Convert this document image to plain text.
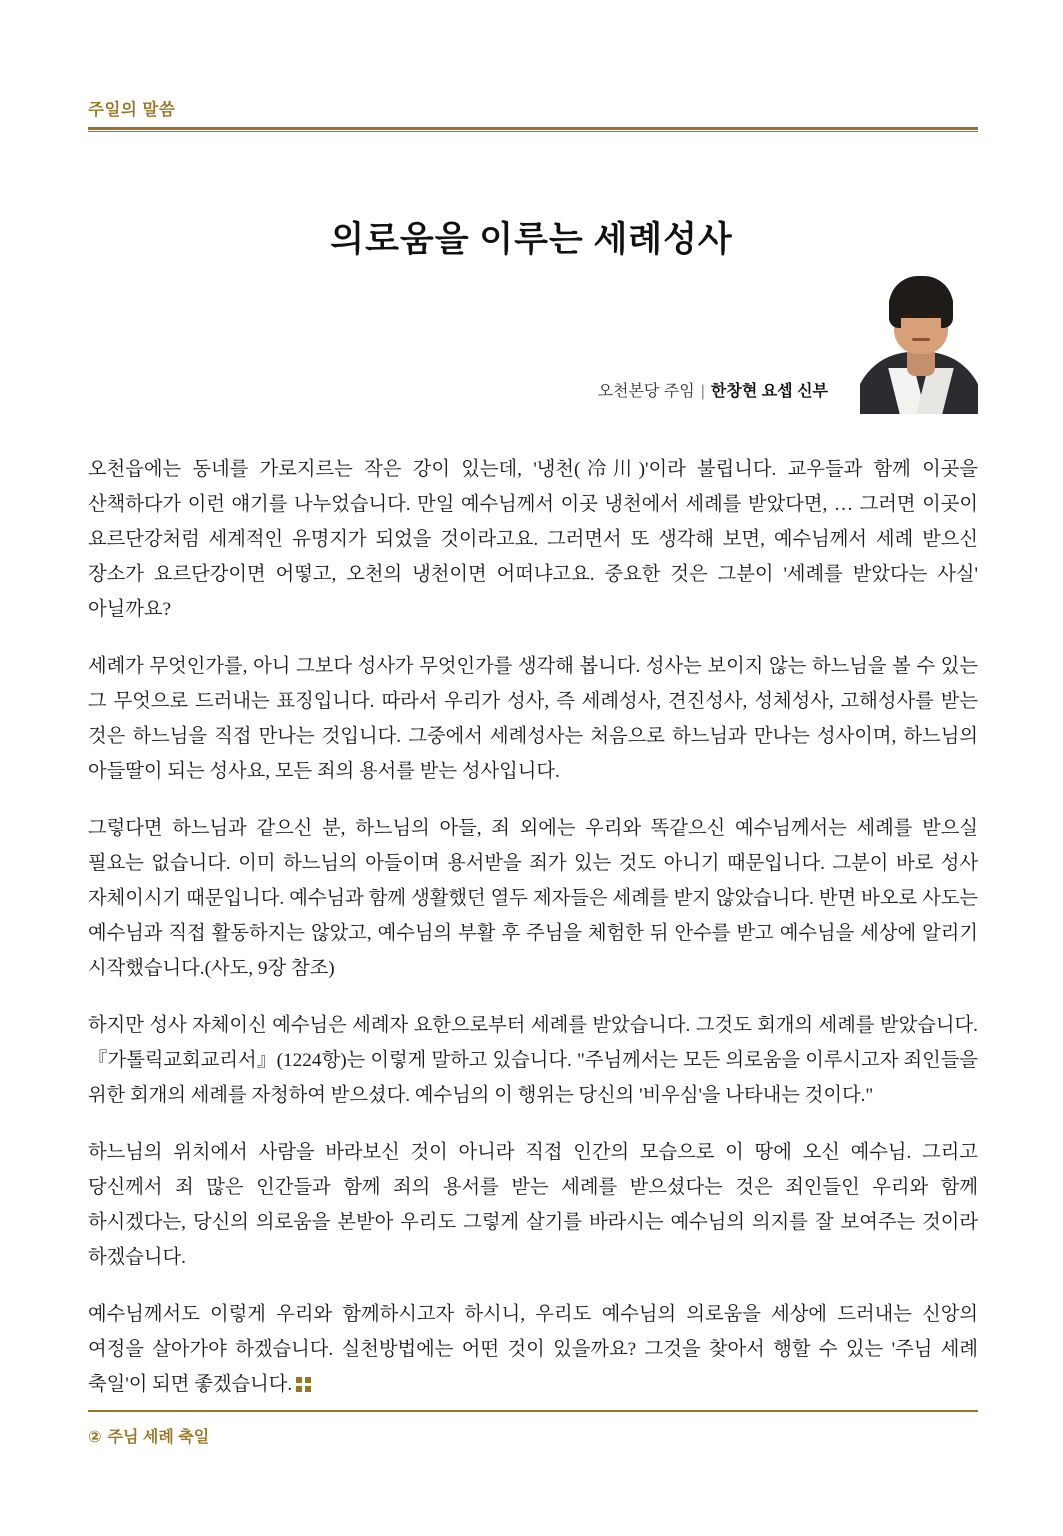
주일의 말씀
의로움을 이루는 세례성사
오천본당 주임 | 한창현 요셉 신부

오천읍에는 동네를 가로지르는 작은 강이 있는데, '냉천(冷川)'이라 불립니다. 교우들과 함께 이곳을 산책하다가 이런 얘기를 나누었습니다. 만일 예수님께서 이곳 냉천에서 세례를 받았다면, … 그러면 이곳이 요르단강처럼 세계적인 유명지가 되었을 것이라고요. 그러면서 또 생각해 보면, 예수님께서 세례 받으신 장소가 요르단강이면 어떻고, 오천의 냉천이면 어떠냐고요. 중요한 것은 그분이 '세례를 받았다는 사실' 아닐까요?

세례가 무엇인가를, 아니 그보다 성사가 무엇인가를 생각해 봅니다. 성사는 보이지 않는 하느님을 볼 수 있는 그 무엇으로 드러내는 표징입니다. 따라서 우리가 성사, 즉 세례성사, 견진성사, 성체성사, 고해성사를 받는 것은 하느님을 직접 만나는 것입니다. 그중에서 세례성사는 처음으로 하느님과 만나는 성사이며, 하느님의 아들딸이 되는 성사요, 모든 죄의 용서를 받는 성사입니다.

그렇다면 하느님과 같으신 분, 하느님의 아들, 죄 외에는 우리와 똑같으신 예수님께서는 세례를 받으실 필요는 없습니다. 이미 하느님의 아들이며 용서받을 죄가 있는 것도 아니기 때문입니다. 그분이 바로 성사 자체이시기 때문입니다. 예수님과 함께 생활했던 열두 제자들은 세례를 받지 않았습니다. 반면 바오로 사도는 예수님과 직접 활동하지는 않았고, 예수님의 부활 후 주님을 체험한 뒤 안수를 받고 예수님을 세상에 알리기 시작했습니다.(사도, 9장 참조)

하지만 성사 자체이신 예수님은 세례자 요한으로부터 세례를 받았습니다. 그것도 회개의 세례를 받았습니다.『가톨릭교회교리서』(1224항)는 이렇게 말하고 있습니다. "주님께서는 모든 의로움을 이루시고자 죄인들을 위한 회개의 세례를 자청하여 받으셨다. 예수님의 이 행위는 당신의 '비우심'을 나타내는 것이다."

하느님의 위치에서 사람을 바라보신 것이 아니라 직접 인간의 모습으로 이 땅에 오신 예수님. 그리고 당신께서 죄 많은 인간들과 함께 죄의 용서를 받는 세례를 받으셨다는 것은 죄인들인 우리와 함께 하시겠다는, 당신의 의로움을 본받아 우리도 그렇게 살기를 바라시는 예수님의 의지를 잘 보여주는 것이라 하겠습니다.

예수님께서도 이렇게 우리와 함께하시고자 하시니, 우리도 예수님의 의로움을 세상에 드러내는 신앙의 여정을 살아가야 하겠습니다. 실천방법에는 어떤 것이 있을까요? 그것을 찾아서 행할 수 있는 '주님 세례 축일'이 되면 좋겠습니다.

② 주님 세례 축일
